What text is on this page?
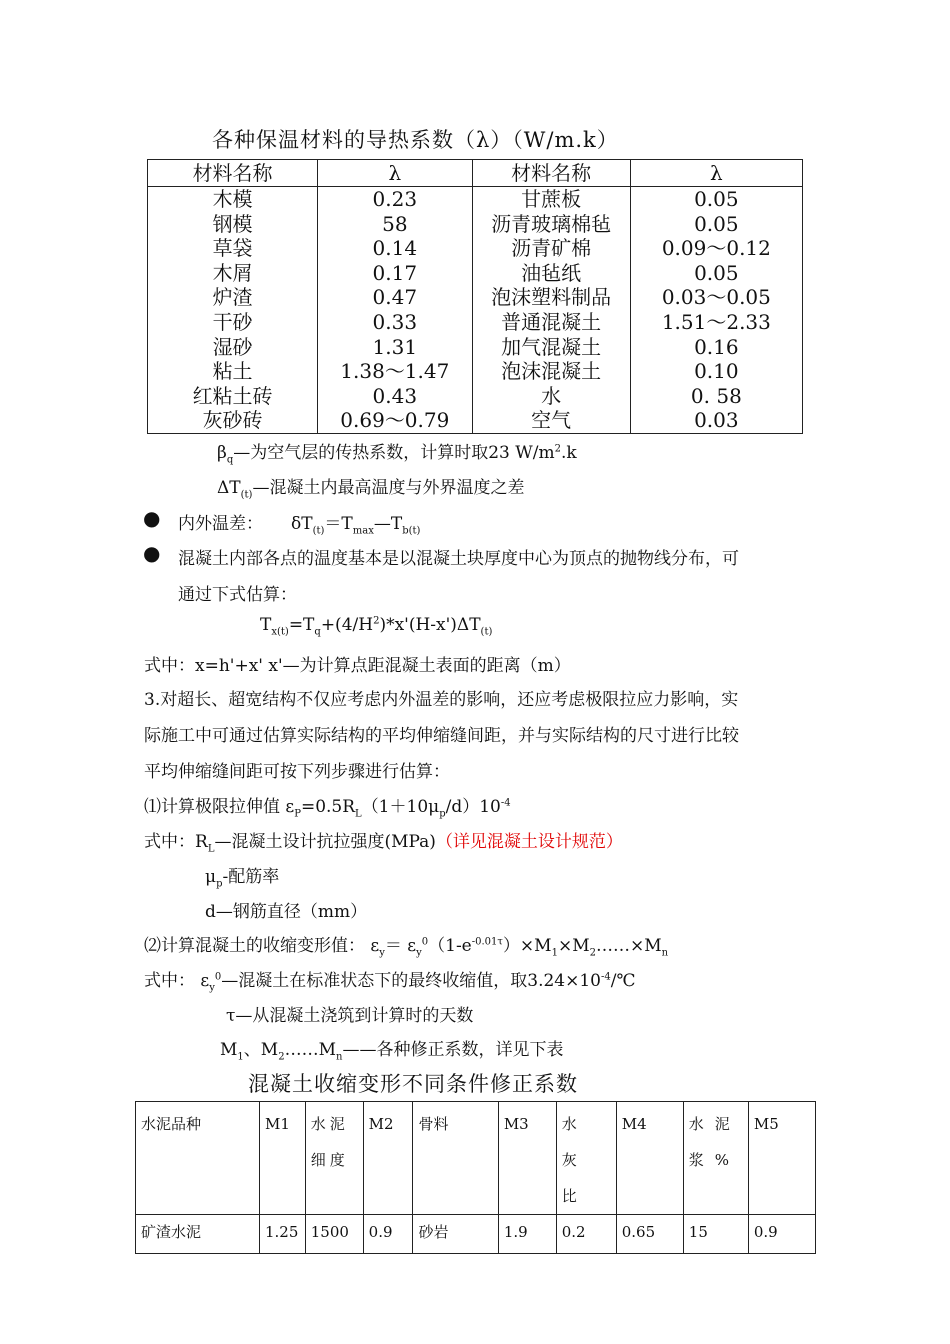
各种保温材料的导热系数（λ）（W/m.k）
材料名称	λ	材料名称	λ
木模	0.23	甘蔗板	0.05
钢模	58	沥青玻璃棉毡	0.05
草袋	0.14	沥青矿棉	0.09～0.12
木屑	0.17	油毡纸	0.05
炉渣	0.47	泡沫塑料制品	0.03～0.05
干砂	0.33	普通混凝土	1.51～2.33
湿砂	1.31	加气混凝土	0.16
粘土	1.38～1.47	泡沫混凝土	0.10
红粘土砖	0.43	水	0. 58
灰砂砖	0.69～0.79	空气	0.03
$\beta_q—$为空气层的传热系数，计算时取23 $W/m^2.k$
$\Delta T_{(t)}—$混凝土内最高温度与外界温度之差
● 内外温差： $\delta T_{(t)}=T_{max}—T_{b(t)}$
● 混凝土内部各点的温度基本是以混凝土块厚度中心为顶点的抛物线分布，可
通过下式估算：
$T_{x(t)}=T_q+(4/H^2)*x'(H-x')\Delta T_{(t)}$
式中：x=h'+x' x'—为计算点距混凝土表面的距离（m）
3.对超长、超宽结构不仅应考虑内外温差的影响，还应考虑极限拉应力影响，实
际施工中可通过估算实际结构的平均伸缩缝间距，并与实际结构的尺寸进行比较
平均伸缩缝间距可按下列步骤进行估算：
⑴计算极限拉伸值 $\varepsilon_P=0.5R_L(1+10\mu_p/d)10^{-4}$
式中：$R_L—$混凝土设计抗拉强度(MPa)（详见混凝土设计规范）
$\mu_p-$配筋率
d—钢筋直径（mm）
⑵计算混凝土的收缩变形值： $\varepsilon_y=$ $\varepsilon_y^0(1-e^{-0.01\tau})\times M_1\times M_2\dots\dots\times M_n$
式中： $\varepsilon_y^0—$混凝土在标准状态下的最终收缩值，取$3.24\times 10^{-4}/℃$
τ—从混凝土浇筑到计算时的天数
$M_1$、$M_2\dots\dots M_n——$各种修正系数，详见下表
混凝土收缩变形不同条件修正系数
水泥品种	M1	水泥细度	M2	骨料	M3	水灰比	M4	水泥浆%	M5
矿渣水泥	1.25	1500	0.9	砂岩	1.9	0.2	0.65	15	0.9
